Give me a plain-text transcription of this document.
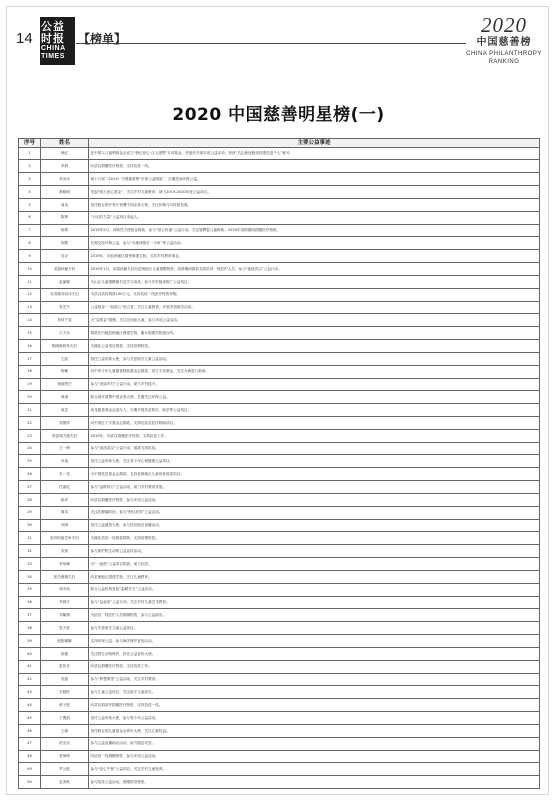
14
公益时报
CHINA TIMES
【榜单】
2020
中国慈善榜
CHINA PHILANTHROPY RANKING
2020 中国慈善明星榜(一)
序号	姓名	主要公益事迹
1	韩红	在中国人口福利基金会设立“韩红爱心·百人援鄂”专项基金，并组织开展多项公益活动，荣获“抗击新冠肺炎疫情先进个人”称号。
2	李晨	向武汉捐赠医疗物资，支持抗疫一线。
3	李冰冰	第十六届（2019）中国慈善榜“年度公益明星”，长期投身环保公益。
4	黄晓明	发起“明天爱心基金”，关注乡村儿童教育，助力2019-2020年度公益项目。
5	周迅	担任联合国开发计划署中国亲善大使，关注环保与可持续发展。
6	陈坤	“行走的力量”公益项目发起人。
7	杨幂	2019年5月，向嫣然天使基金捐款，参与“爱心传递”公益行动，关注唇腭裂儿童救助；2020年疫情期间捐赠医疗物资。
8	胡歌	长期支持环保公益，参与“为地球熄灯一小时”等公益活动。
9	吴京	2019年，向贫困地区捐资修建学校，支持乡村教育事业。
10	邓超孙俪夫妇	2019年1月，邓超孙俪夫妇向贫困地区儿童捐赠物资；疫情期间捐款支持抗疫一线医护人员，参与“驰援武汉”公益行动。
11	赵丽颖	为山区儿童捐赠图书及学习用品，参与乡村阅读推广公益项目。
12	吴奇隆刘诗诗夫妇	为武汉抗疫捐款100万元，支持抗疫一线医疗物资采购。
13	张艺兴	公益基金“一起爱心”设立者，关注儿童教育，开展多项助学活动。
14	易烊千玺	为“壹基金”捐赠，关注自闭症儿童，参与多项公益活动。
15	古天乐	捐资在内地贫困地区修建学校，累计捐建学校超百所。
16	陈晓陈妍希夫妇	为湖北公益项目捐款，支持疫情防控。
17	王凯	担任公益形象大使，参与关爱留守儿童公益活动。
18	杨紫	向中华少年儿童慈善救助基金会捐款，设立专项基金，关注大病患儿救助。
19	迪丽热巴	参与“美丽乡村”公益行动，助力乡村振兴。
20	黄渤	联合国环境署中国亲善大使，长期关注环保公益。
21	成龙	成龙慈善基金会创办人，长期开展扶贫救灾、助学等公益项目。
22	刘德华	向中国红十字基金会捐款，支持抗疫及医疗救助项目。
23	郭富城方媛夫妇	2019年，向武汉捐赠医疗物资，支持抗疫工作。
24	王一博	参与“加油武汉”公益行动，捐款支持抗疫。
25	肖战	担任公益形象大使，关注青少年心理健康公益项目。
26	朱一龙	为中国扶贫基金会捐款，支持贫困地区儿童营养改善项目。
27	任嘉伦	参与“益路同行”公益活动，助力乡村教育发展。
28	杨洋	向武汉捐赠医疗物资，参与多项公益活动。
29	秦岚	关注乳腺癌防治，参与“粉红丝带”公益活动。
30	刘涛	担任公益慈善大使，参与扶贫助农直播活动。
31	张若昀唐艺昕夫妇	为湖北抗疫一线捐款捐物，支持疫情防控。
32	宋茜	参与保护野生动物公益宣传活动。
33	李易峰	为“一起捐”公益项目捐款，助力抗疫。
34	张杰谢娜夫妇	向贫困地区捐建学校，关注儿童教育。
35	周冬雨	联合公益机构发起“温暖冬衣”公益活动。
36	华晨宇	参与“益起来”公益行动，关注乡村儿童艺术教育。
37	邓紫棋	为抗疫一线医护人员捐赠物资，参与公益演出。
38	张天爱	参与关爱留守儿童公益项目。
39	欧阳娜娜	支持环保公益，参与海洋保护宣传活动。
40	倪妮	关注野生动物保护，担任公益宣传大使。
41	雷佳音	向武汉捐赠医疗物资，支持抗疫工作。
42	吴磊	参与“梦想课堂”公益活动，关注乡村教育。
43	关晓彤	参与儿童公益项目，关注留守儿童成长。
44	黄子韬	向武汉捐款并捐赠医疗物资，支持抗疫一线。
45	王俊凯	担任公益形象大使，参与青少年公益活动。
46	王源	担任联合国儿童基金会青年大使，关注儿童权益。
47	范丞丞	参与公益直播助农活动，助力脱贫攻坚。
48	蔡徐坤	向抗疫一线捐赠物资，参与多项公益活动。
49	罗云熙	参与“爱心午餐”公益项目，关注乡村儿童营养。
50	孟美岐	参与抗疫公益活动，捐赠防疫物资。
